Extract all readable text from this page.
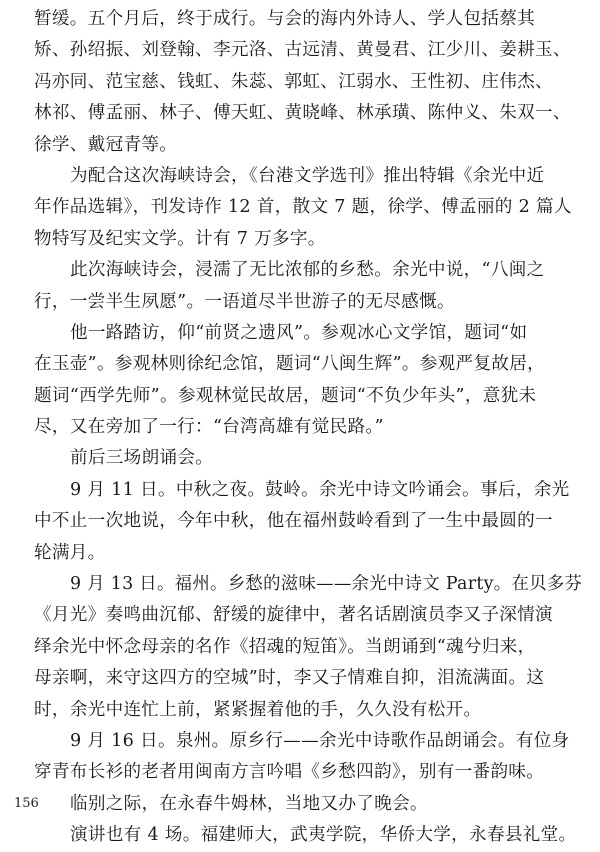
暂缓。五个月后，终于成行。与会的海内外诗人、学人包括蔡其
矫、孙绍振、刘登翰、李元洛、古远清、黄曼君、江少川、姜耕玉、
冯亦同、范宝慈、钱虹、朱蕊、郭虹、江弱水、王性初、庄伟杰、
林祁、傅孟丽、林子、傅天虹、黄晓峰、林承璜、陈仲义、朱双一、
徐学、戴冠青等。
为配合这次海峡诗会，《台港文学选刊》推出特辑《余光中近
年作品选辑》，刊发诗作 12 首，散文 7 题，徐学、傅孟丽的 2 篇人
物特写及纪实文学。计有 7 万多字。
此次海峡诗会，浸濡了无比浓郁的乡愁。余光中说，“八闽之
行，一尝半生夙愿”。一语道尽半世游子的无尽感慨。
他一路踏访，仰“前贤之遗风”。参观冰心文学馆，题词“如
在玉壶”。参观林则徐纪念馆，题词“八闽生辉”。参观严复故居，
题词“西学先师”。参观林觉民故居，题词“不负少年头”，意犹未
尽，又在旁加了一行：“台湾高雄有觉民路。”
前后三场朗诵会。
9 月 11 日。中秋之夜。鼓岭。余光中诗文吟诵会。事后，余光
中不止一次地说，今年中秋，他在福州鼓岭看到了一生中最圆的一
轮满月。
9 月 13 日。福州。乡愁的滋味——余光中诗文 Party。在贝多芬
《月光》奏鸣曲沉郁、舒缓的旋律中，著名话剧演员李又子深情演
绎余光中怀念母亲的名作《招魂的短笛》。当朗诵到“魂兮归来，
母亲啊，来守这四方的空城”时，李又子情难自抑，泪流满面。这
时，余光中连忙上前，紧紧握着他的手，久久没有松开。
9 月 16 日。泉州。原乡行——余光中诗歌作品朗诵会。有位身
穿青布长衫的老者用闽南方言吟唱《乡愁四韵》，别有一番韵味。
临别之际，在永春牛姆林，当地又办了晚会。
演讲也有 4 场。福建师大，武夷学院，华侨大学，永春县礼堂。
156
